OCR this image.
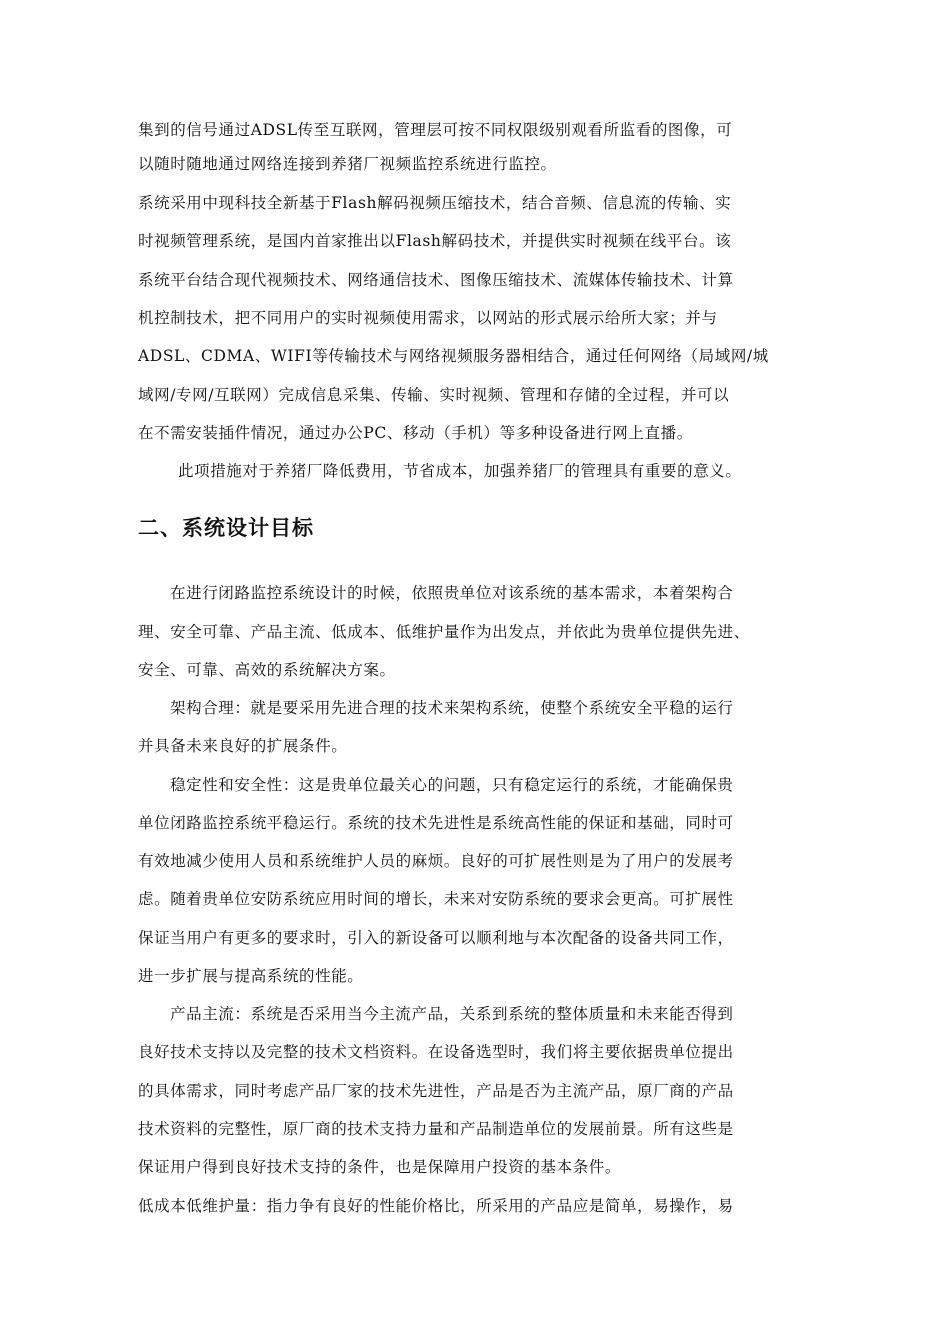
集到的信号通过ADSL传至互联网，管理层可按不同权限级别观看所监看的图像，可
以随时随地通过网络连接到养猪厂视频监控系统进行监控。
系统采用中现科技全新基于Flash解码视频压缩技术，结合音频、信息流的传输、实
时视频管理系统，是国内首家推出以Flash解码技术，并提供实时视频在线平台。该
系统平台结合现代视频技术、网络通信技术、图像压缩技术、流媒体传输技术、计算
机控制技术，把不同用户的实时视频使用需求，以网站的形式展示给所大家；并与
ADSL、CDMA、WIFI等传输技术与网络视频服务器相结合，通过任何网络（局域网/城
域网/专网/互联网）完成信息采集、传输、实时视频、管理和存储的全过程，并可以
在不需安装插件情况，通过办公PC、移动（手机）等多种设备进行网上直播。
此项措施对于养猪厂降低费用，节省成本，加强养猪厂的管理具有重要的意义。
二、系统设计目标
在进行闭路监控系统设计的时候，依照贵单位对该系统的基本需求，本着架构合
理、安全可靠、产品主流、低成本、低维护量作为出发点，并依此为贵单位提供先进、
安全、可靠、高效的系统解决方案。
架构合理：就是要采用先进合理的技术来架构系统，使整个系统安全平稳的运行
并具备未来良好的扩展条件。
稳定性和安全性：这是贵单位最关心的问题，只有稳定运行的系统，才能确保贵
单位闭路监控系统平稳运行。系统的技术先进性是系统高性能的保证和基础，同时可
有效地减少使用人员和系统维护人员的麻烦。良好的可扩展性则是为了用户的发展考
虑。随着贵单位安防系统应用时间的增长，未来对安防系统的要求会更高。可扩展性
保证当用户有更多的要求时，引入的新设备可以顺利地与本次配备的设备共同工作，
进一步扩展与提高系统的性能。
产品主流：系统是否采用当今主流产品，关系到系统的整体质量和未来能否得到
良好技术支持以及完整的技术文档资料。在设备选型时，我们将主要依据贵单位提出
的具体需求，同时考虑产品厂家的技术先进性，产品是否为主流产品，原厂商的产品
技术资料的完整性，原厂商的技术支持力量和产品制造单位的发展前景。所有这些是
保证用户得到良好技术支持的条件，也是保障用户投资的基本条件。
低成本低维护量：指力争有良好的性能价格比，所采用的产品应是简单，易操作，易
